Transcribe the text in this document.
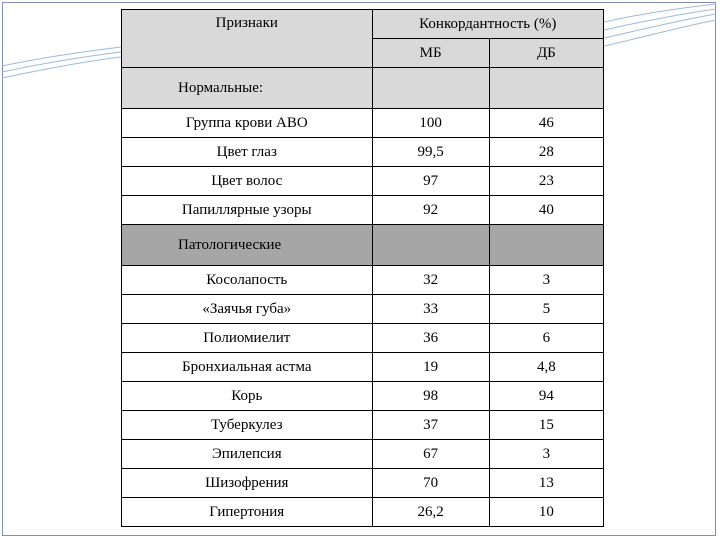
Признаки	Конкордантность (%)	
	МБ	ДБ
Нормальные:		
Группа крови АВО	100	46
Цвет глаз	99,5	28
Цвет волос	97	23
Папиллярные узоры	92	40
Патологические		
Косолапость	32	3
«Заячья губа»	33	5
Полиомиелит	36	6
Бронхиальная астма	19	4,8
Корь	98	94
Туберкулез	37	15
Эпилепсия	67	3
Шизофрения	70	13
Гипертония	26,2	10
